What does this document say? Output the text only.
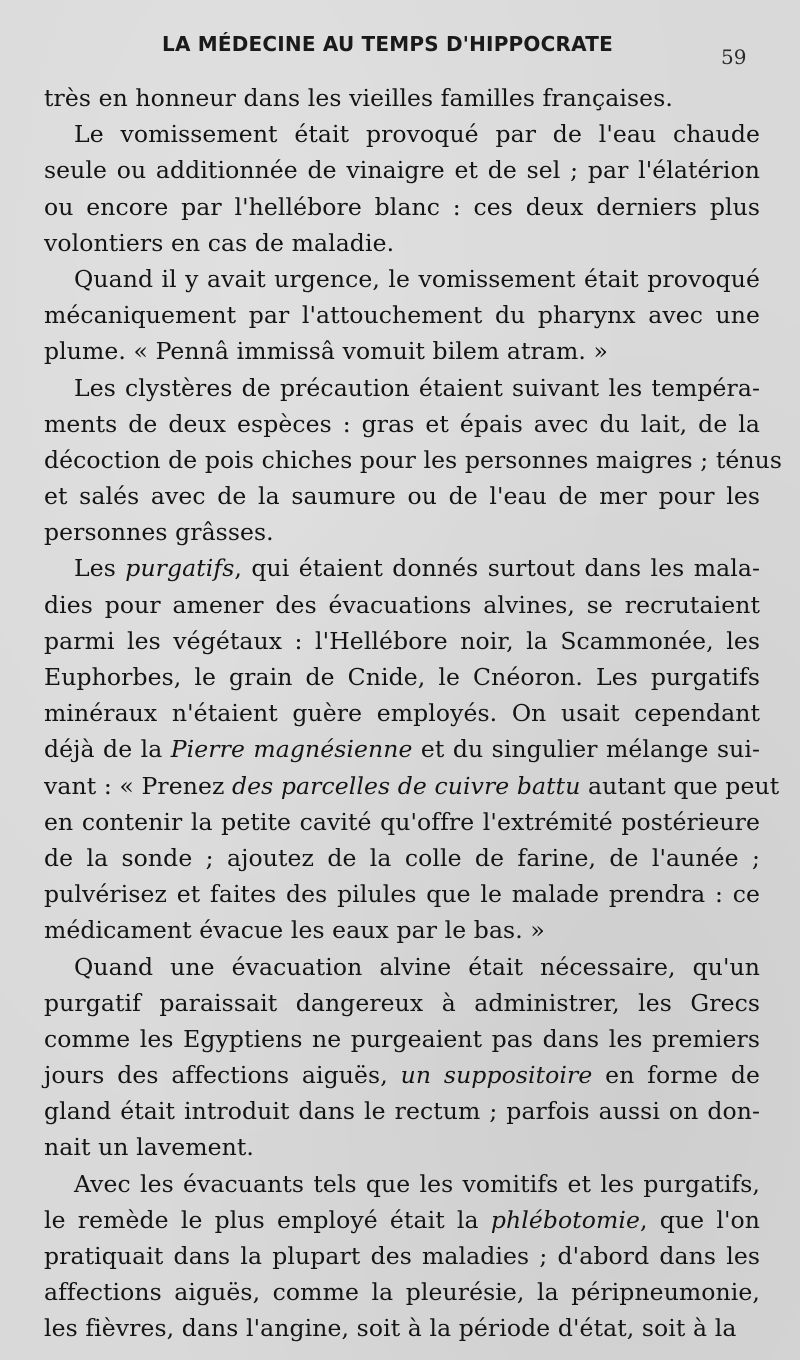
LA MÉDECINE AU TEMPS D'HIPPOCRATE
59
très en honneur dans les vieilles familles françaises.
Le vomissement était provoqué par de l'eau chaude
seule ou additionnée de vinaigre et de sel ; par l'élatérion
ou encore par l'hellébore blanc : ces deux derniers plus
volontiers en cas de maladie.
Quand il y avait urgence, le vomissement était provoqué
mécaniquement par l'attouchement du pharynx avec une
plume. « Pennâ immissâ vomuit bilem atram. »
Les clystères de précaution étaient suivant les tempéra-
ments de deux espèces : gras et épais avec du lait, de la
décoction de pois chiches pour les personnes maigres ; ténus
et salés avec de la saumure ou de l'eau de mer pour les
personnes grâsses.
Les purgatifs, qui étaient donnés surtout dans les mala-
dies pour amener des évacuations alvines, se recrutaient
parmi les végétaux : l'Hellébore noir, la Scammonée, les
Euphorbes, le grain de Cnide, le Cnéoron. Les purgatifs
minéraux n'étaient guère employés. On usait cependant
déjà de la Pierre magnésienne et du singulier mélange sui-
vant : « Prenez des parcelles de cuivre battu autant que peut
en contenir la petite cavité qu'offre l'extrémité postérieure
de la sonde ; ajoutez de la colle de farine, de l'aunée ;
pulvérisez et faites des pilules que le malade prendra : ce
médicament évacue les eaux par le bas. »
Quand une évacuation alvine était nécessaire, qu'un
purgatif paraissait dangereux à administrer, les Grecs
comme les Egyptiens ne purgeaient pas dans les premiers
jours des affections aiguës, un suppositoire en forme de
gland était introduit dans le rectum ; parfois aussi on don-
nait un lavement.
Avec les évacuants tels que les vomitifs et les purgatifs,
le remède le plus employé était la phlébotomie, que l'on
pratiquait dans la plupart des maladies ; d'abord dans les
affections aiguës, comme la pleurésie, la péripneumonie,
les fièvres, dans l'angine, soit à la période d'état, soit à la
